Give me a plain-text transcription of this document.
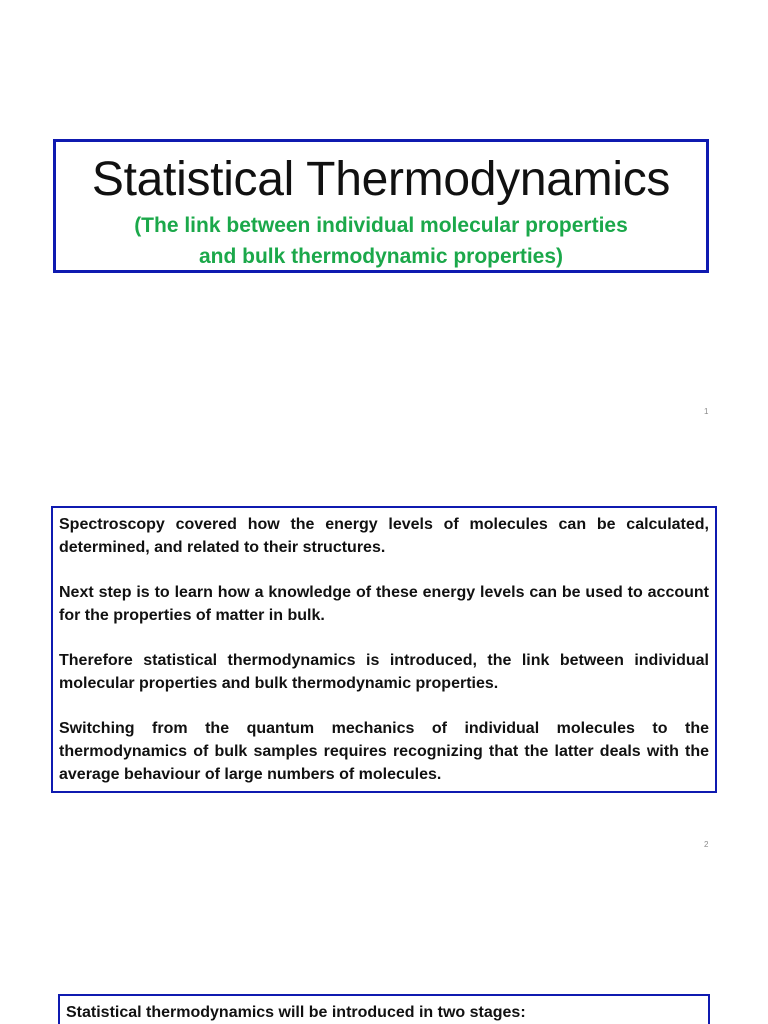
Statistical Thermodynamics
(The link between individual molecular properties
and bulk thermodynamic properties)
1

Spectroscopy covered how the energy levels of molecules can be calculated, determined, and related to their structures.

Next step is to learn how a knowledge of these energy levels can be used to account for the properties of matter in bulk.

Therefore statistical thermodynamics is introduced, the link between individual molecular properties and bulk thermodynamic properties.

Switching from the quantum mechanics of individual molecules to the thermodynamics of bulk samples requires recognizing that the latter deals with the average behaviour of large numbers of molecules.

2

Statistical thermodynamics will be introduced in two stages:
